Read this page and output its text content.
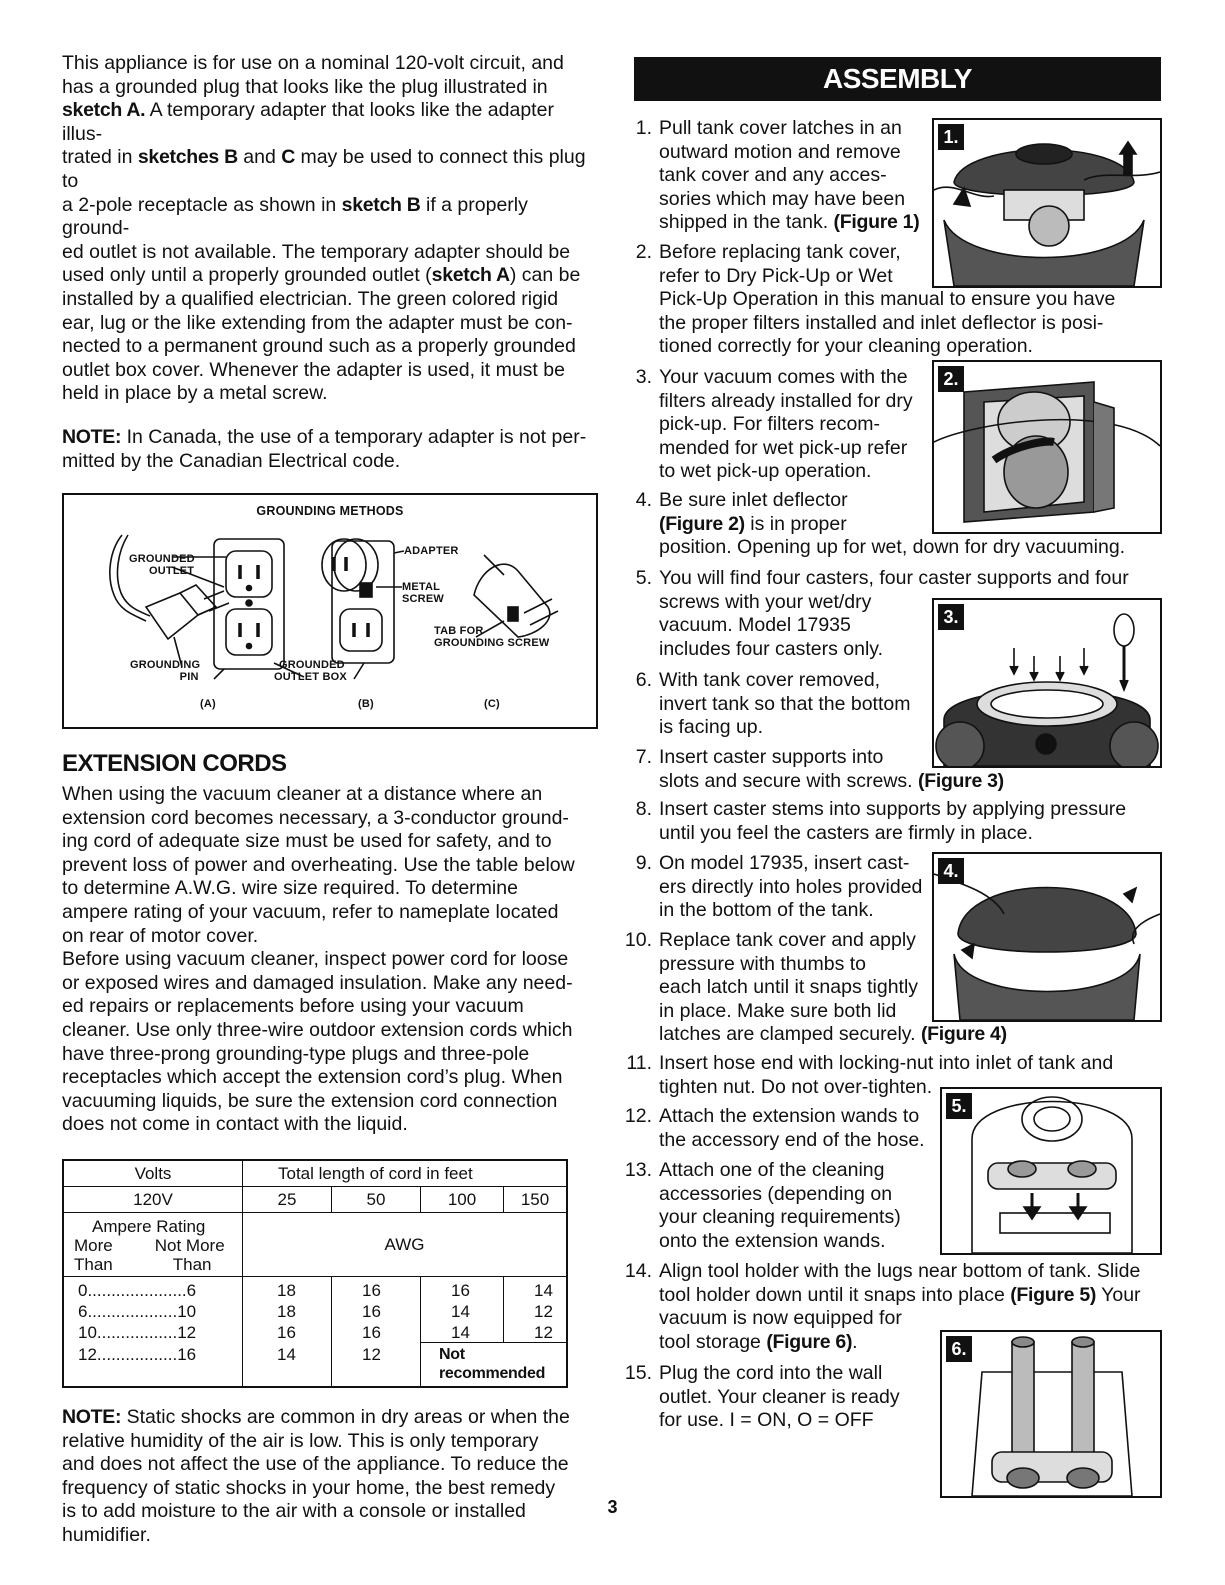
This appliance is for use on a nominal 120-volt circuit, and

has a grounded plug that looks like the plug illustrated in

sketch A. A temporary adapter that looks like the adapter illus-

trated in sketches B and C may be used to connect this plug to

a 2-pole receptacle as shown in sketch B if a properly ground-

ed outlet is not available. The temporary adapter should be

used only until a properly grounded outlet (sketch A) can be

installed by a qualified electrician. The green colored rigid

ear, lug or the like extending from the adapter must be con-

nected to a permanent ground such as a properly grounded

outlet box cover. Whenever the adapter is used, it must be

held in place by a metal screw.

NOTE: In Canada, the use of a temporary adapter is not per-

mitted by the Canadian Electrical code.

GROUNDING METHODS
GROUNDED
OUTLET
ADAPTER
METAL
SCREW
TAB FOR
GROUNDING SCREW
GROUNDING
PIN
GROUNDED
OUTLET BOX
(A)	(B)	(C)
EXTENSION CORDS

When using the vacuum cleaner at a distance where an

extension cord becomes necessary, a 3-conductor ground-

ing cord of adequate size must be used for safety, and to

prevent loss of power and overheating. Use the table below

to determine A.W.G. wire size required. To determine

ampere rating of your vacuum, refer to nameplate located

on rear of motor cover.

Before using vacuum cleaner, inspect power cord for loose

or exposed wires and damaged insulation. Make any need-

ed repairs or replacements before using your vacuum

cleaner. Use only three-wire outdoor extension cords which

have three-prong grounding-type plugs and three-pole

receptacles which accept the extension cord’s plug. When

vacuuming liquids, be sure the extension cord connection

does not come in contact with the liquid.

Volts	Total length of cord in feet			
120V	25	50	100	150

Ampere Rating
More Not More
Than Than	AWG			
0.....................6	18	16	16	14
6...................10	18	16	14	12
10.................12	16	16	14	12
12.................16	14	12	Not recommended	

NOTE: Static shocks are common in dry areas or when the

relative humidity of the air is low. This is only temporary

and does not affect the use of the appliance. To reduce the

frequency of static shocks in your home, the best remedy

is to add moisture to the air with a console or installed

humidifier.

ASSEMBLY
1. Pull tank cover latches in an

outward motion and remove

tank cover and any acces-

sories which may have been

shipped in the tank. (Figure 1)

2. Before replacing tank cover,

refer to Dry Pick-Up or Wet

Pick-Up Operation in this manual to ensure you have

the proper filters installed and inlet deflector is posi-

tioned correctly for your cleaning operation.

3. Your vacuum comes with the

filters already installed for dry

pick-up. For filters recom-

mended for wet pick-up refer

to wet pick-up operation.

4. Be sure inlet deflector

(Figure 2) is in proper

position. Opening up for wet, down for dry vacuuming.

5. You will find four casters, four caster supports and four

screws with your wet/dry

vacuum. Model 17935

includes four casters only.

6. With tank cover removed,

invert tank so that the bottom

is facing up.

7. Insert caster supports into

slots and secure with screws. (Figure 3)

8. Insert caster stems into supports by applying pressure

until you feel the casters are firmly in place.

9. On model 17935, insert cast-

ers directly into holes provided

in the bottom of the tank.

10. Replace tank cover and apply

pressure with thumbs to

each latch until it snaps tightly

in place. Make sure both lid

latches are clamped securely. (Figure 4)

11. Insert hose end with locking-nut into inlet of tank and

tighten nut. Do not over-tighten.

12. Attach the extension wands to

the accessory end of the hose.

13. Attach one of the cleaning

accessories (depending on

your cleaning requirements)

onto the extension wands.

14. Align tool holder with the lugs near bottom of tank. Slide

tool holder down until it snaps into place (Figure 5) Your

vacuum is now equipped for

tool storage (Figure 6).

15. Plug the cord into the wall

outlet. Your cleaner is ready

for use. I = ON, O = OFF

1.
2.
3.
4.
5.
6.
3
